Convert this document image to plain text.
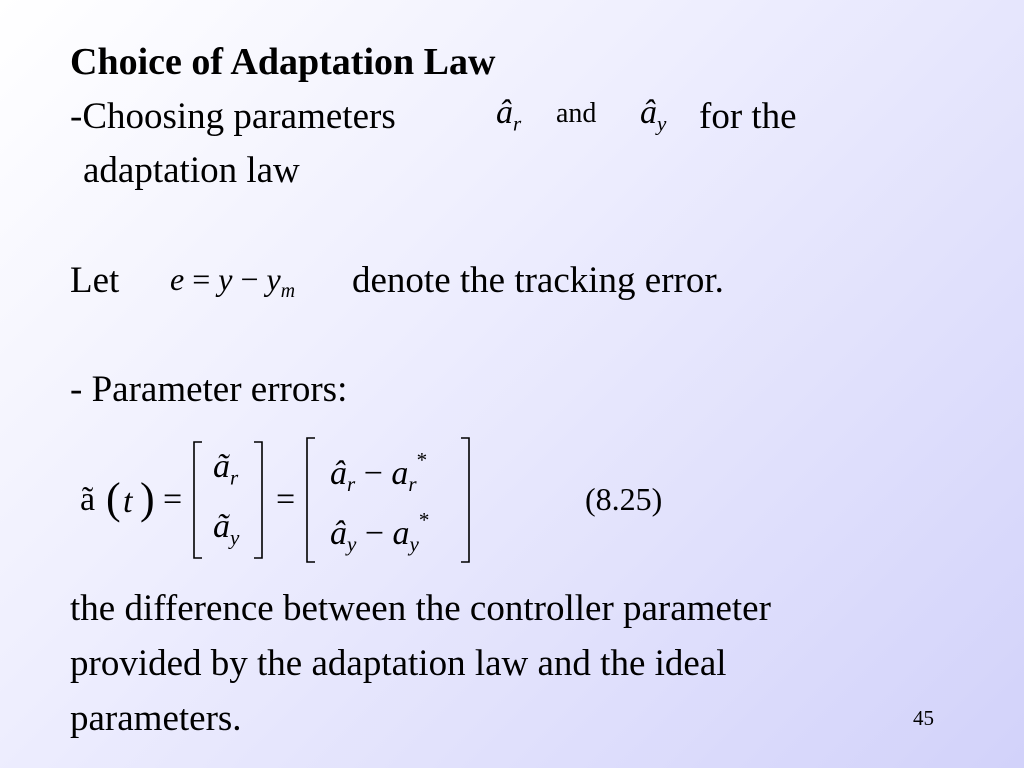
Choice of Adaptation Law
-Choosing parameters	$â_r$ and $â_y$ for the
adaptation law
Let $e = y - y_m$ denote the tracking error.
- Parameter errors:
ã ( t ) =
$ã_r$
$ã_y$
=
$â_r - a_r^*$
$â_y - a_y^*$
(8.25)
the difference between the controller parameter
provided by the adaptation law and the ideal
parameters.	45
